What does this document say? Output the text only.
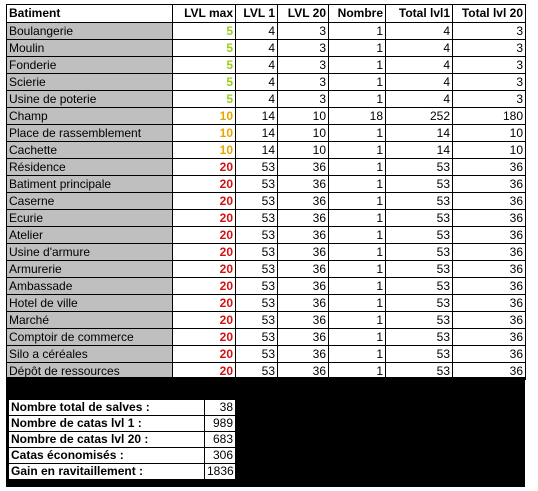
Batiment	LVL max	LVL 1	LVL 20	Nombre	Total lvl1	Total lvl 20
Boulangerie	5	4	3	1	4	3
Moulin	5	4	3	1	4	3
Fonderie	5	4	3	1	4	3
Scierie	5	4	3	1	4	3
Usine de poterie	5	4	3	1	4	3
Champ	10	14	10	18	252	180
Place de rassemblement	10	14	10	1	14	10
Cachette	10	14	10	1	14	10
Résidence	20	53	36	1	53	36
Batiment principale	20	53	36	1	53	36
Caserne	20	53	36	1	53	36
Ecurie	20	53	36	1	53	36
Atelier	20	53	36	1	53	36
Usine d'armure	20	53	36	1	53	36
Armurerie	20	53	36	1	53	36
Ambassade	20	53	36	1	53	36
Hotel de ville	20	53	36	1	53	36
Marché	20	53	36	1	53	36
Comptoir de commerce	20	53	36	1	53	36
Silo a céréales	20	53	36	1	53	36
Dépôt de ressources	20	53	36	1	53	36
Nombre total de salves :	38
Nombre de catas lvl 1 :	989
Nombre de catas lvl 20 :	683
Catas économisés :	306
Gain en ravitaillement :	1836
